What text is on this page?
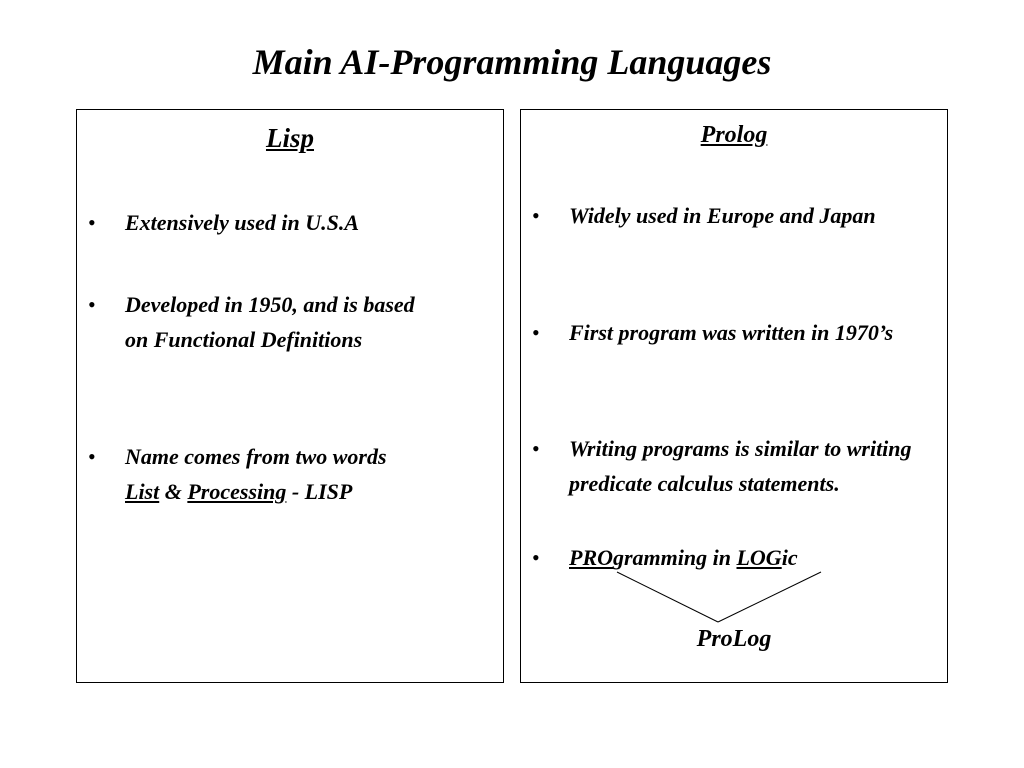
Main AI-Programming Languages
Lisp
• Extensively used in U.S.A
• Developed in 1950, and is based on Functional Definitions
• Name comes from two words
List & Processing - LISP
Prolog
• Widely used in Europe and Japan
• First program was written in 1970’s
• Writing programs is similar to writing predicate calculus statements.
• PROgramming in LOGic
ProLog
